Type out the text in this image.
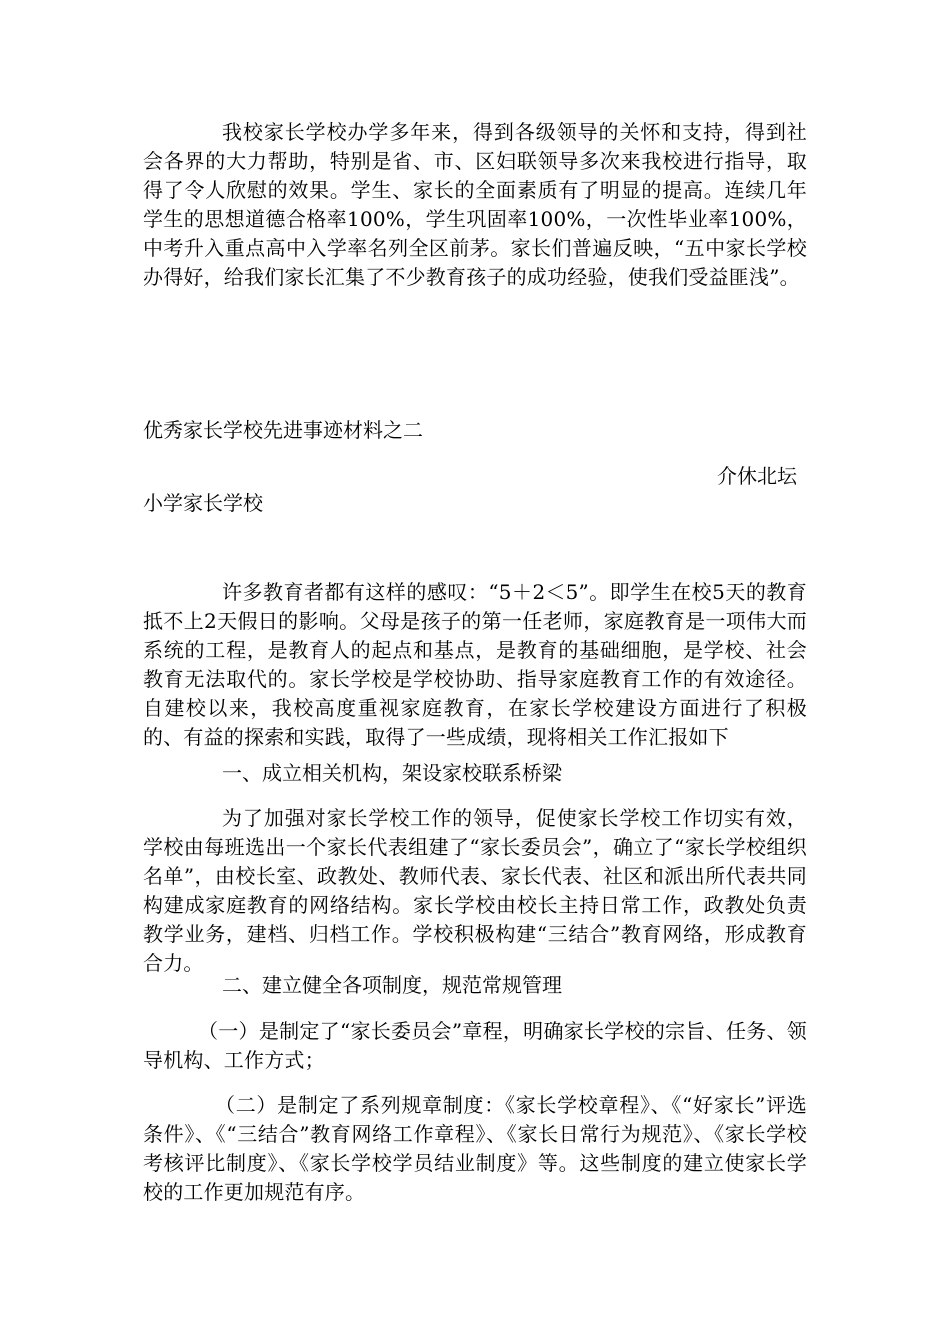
我校家长学校办学多年来，得到各级领导的关怀和支持，得到社会各界的大力帮助，特别是省、市、区妇联领导多次来我校进行指导，取得了令人欣慰的效果。学生、家长的全面素质有了明显的提高。连续几年学生的思想道德合格率100%，学生巩固率100%，一次性毕业率100%，中考升入重点高中入学率名列全区前茅。家长们普遍反映，“五中家长学校办得好，给我们家长汇集了不少教育孩子的成功经验，使我们受益匪浅”。

优秀家长学校先进事迹材料之二

介休北坛

小学家长学校

许多教育者都有这样的感叹：“5＋2＜5”。即学生在校5天的教育抵不上2天假日的影响。父母是孩子的第一任老师，家庭教育是一项伟大而系统的工程，是教育人的起点和基点，是教育的基础细胞，是学校、社会教育无法取代的。家长学校是学校协助、指导家庭教育工作的有效途径。自建校以来，我校高度重视家庭教育，在家长学校建设方面进行了积极的、有益的探索和实践，取得了一些成绩，现将相关工作汇报如下

一、成立相关机构，架设家校联系桥梁

为了加强对家长学校工作的领导，促使家长学校工作切实有效，学校由每班选出一个家长代表组建了“家长委员会”，确立了“家长学校组织名单”，由校长室、政教处、教师代表、家长代表、社区和派出所代表共同构建成家庭教育的网络结构。家长学校由校长主持日常工作，政教处负责教学业务，建档、归档工作。学校积极构建“三结合”教育网络，形成教育合力。

二、建立健全各项制度，规范常规管理

（一）是制定了“家长委员会”章程，明确家长学校的宗旨、任务、领导机构、工作方式；

（二）是制定了系列规章制度：《家长学校章程》、《“好家长”评选条件》、《“三结合”教育网络工作章程》、《家长日常行为规范》、《家长学校考核评比制度》、《家长学校学员结业制度》等。这些制度的建立使家长学校的工作更加规范有序。
